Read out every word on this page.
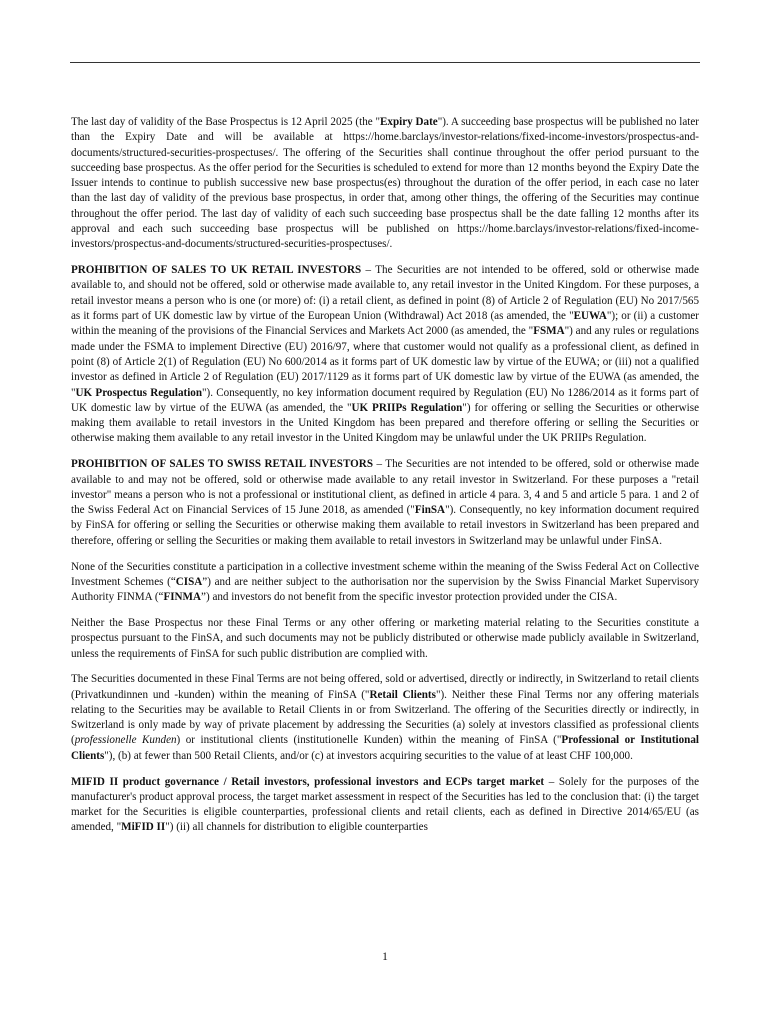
The last day of validity of the Base Prospectus is 12 April 2025 (the "Expiry Date"). A succeeding base prospectus will be published no later than the Expiry Date and will be available at https://home.barclays/investor-relations/fixed-income-investors/prospectus-and-documents/structured-securities-prospectuses/. The offering of the Securities shall continue throughout the offer period pursuant to the succeeding base prospectus. As the offer period for the Securities is scheduled to extend for more than 12 months beyond the Expiry Date the Issuer intends to continue to publish successive new base prospectus(es) throughout the duration of the offer period, in each case no later than the last day of validity of the previous base prospectus, in order that, among other things, the offering of the Securities may continue throughout the offer period. The last day of validity of each such succeeding base prospectus shall be the date falling 12 months after its approval and each such succeeding base prospectus will be published on https://home.barclays/investor-relations/fixed-income-investors/prospectus-and-documents/structured-securities-prospectuses/.

PROHIBITION OF SALES TO UK RETAIL INVESTORS – The Securities are not intended to be offered, sold or otherwise made available to, and should not be offered, sold or otherwise made available to, any retail investor in the United Kingdom. For these purposes, a retail investor means a person who is one (or more) of: (i) a retail client, as defined in point (8) of Article 2 of Regulation (EU) No 2017/565 as it forms part of UK domestic law by virtue of the European Union (Withdrawal) Act 2018 (as amended, the "EUWA"); or (ii) a customer within the meaning of the provisions of the Financial Services and Markets Act 2000 (as amended, the "FSMA") and any rules or regulations made under the FSMA to implement Directive (EU) 2016/97, where that customer would not qualify as a professional client, as defined in point (8) of Article 2(1) of Regulation (EU) No 600/2014 as it forms part of UK domestic law by virtue of the EUWA; or (iii) not a qualified investor as defined in Article 2 of Regulation (EU) 2017/1129 as it forms part of UK domestic law by virtue of the EUWA (as amended, the "UK Prospectus Regulation"). Consequently, no key information document required by Regulation (EU) No 1286/2014 as it forms part of UK domestic law by virtue of the EUWA (as amended, the "UK PRIIPs Regulation") for offering or selling the Securities or otherwise making them available to retail investors in the United Kingdom has been prepared and therefore offering or selling the Securities or otherwise making them available to any retail investor in the United Kingdom may be unlawful under the UK PRIIPs Regulation.

PROHIBITION OF SALES TO SWISS RETAIL INVESTORS – The Securities are not intended to be offered, sold or otherwise made available to and may not be offered, sold or otherwise made available to any retail investor in Switzerland. For these purposes a "retail investor" means a person who is not a professional or institutional client, as defined in article 4 para. 3, 4 and 5 and article 5 para. 1 and 2 of the Swiss Federal Act on Financial Services of 15 June 2018, as amended ("FinSA"). Consequently, no key information document required by FinSA for offering or selling the Securities or otherwise making them available to retail investors in Switzerland has been prepared and therefore, offering or selling the Securities or making them available to retail investors in Switzerland may be unlawful under FinSA.

None of the Securities constitute a participation in a collective investment scheme within the meaning of the Swiss Federal Act on Collective Investment Schemes (“CISA”) and are neither subject to the authorisation nor the supervision by the Swiss Financial Market Supervisory Authority FINMA (“FINMA”) and investors do not benefit from the specific investor protection provided under the CISA.

Neither the Base Prospectus nor these Final Terms or any other offering or marketing material relating to the Securities constitute a prospectus pursuant to the FinSA, and such documents may not be publicly distributed or otherwise made publicly available in Switzerland, unless the requirements of FinSA for such public distribution are complied with.

The Securities documented in these Final Terms are not being offered, sold or advertised, directly or indirectly, in Switzerland to retail clients (Privatkundinnen und -kunden) within the meaning of FinSA ("Retail Clients"). Neither these Final Terms nor any offering materials relating to the Securities may be available to Retail Clients in or from Switzerland. The offering of the Securities directly or indirectly, in Switzerland is only made by way of private placement by addressing the Securities (a) solely at investors classified as professional clients (professionelle Kunden) or institutional clients (institutionelle Kunden) within the meaning of FinSA ("Professional or Institutional Clients"), (b) at fewer than 500 Retail Clients, and/or (c) at investors acquiring securities to the value of at least CHF 100,000.

MIFID II product governance / Retail investors, professional investors and ECPs target market – Solely for the purposes of the manufacturer's product approval process, the target market assessment in respect of the Securities has led to the conclusion that: (i) the target market for the Securities is eligible counterparties, professional clients and retail clients, each as defined in Directive 2014/65/EU (as amended, "MiFID II") (ii) all channels for distribution to eligible counterparties

1
